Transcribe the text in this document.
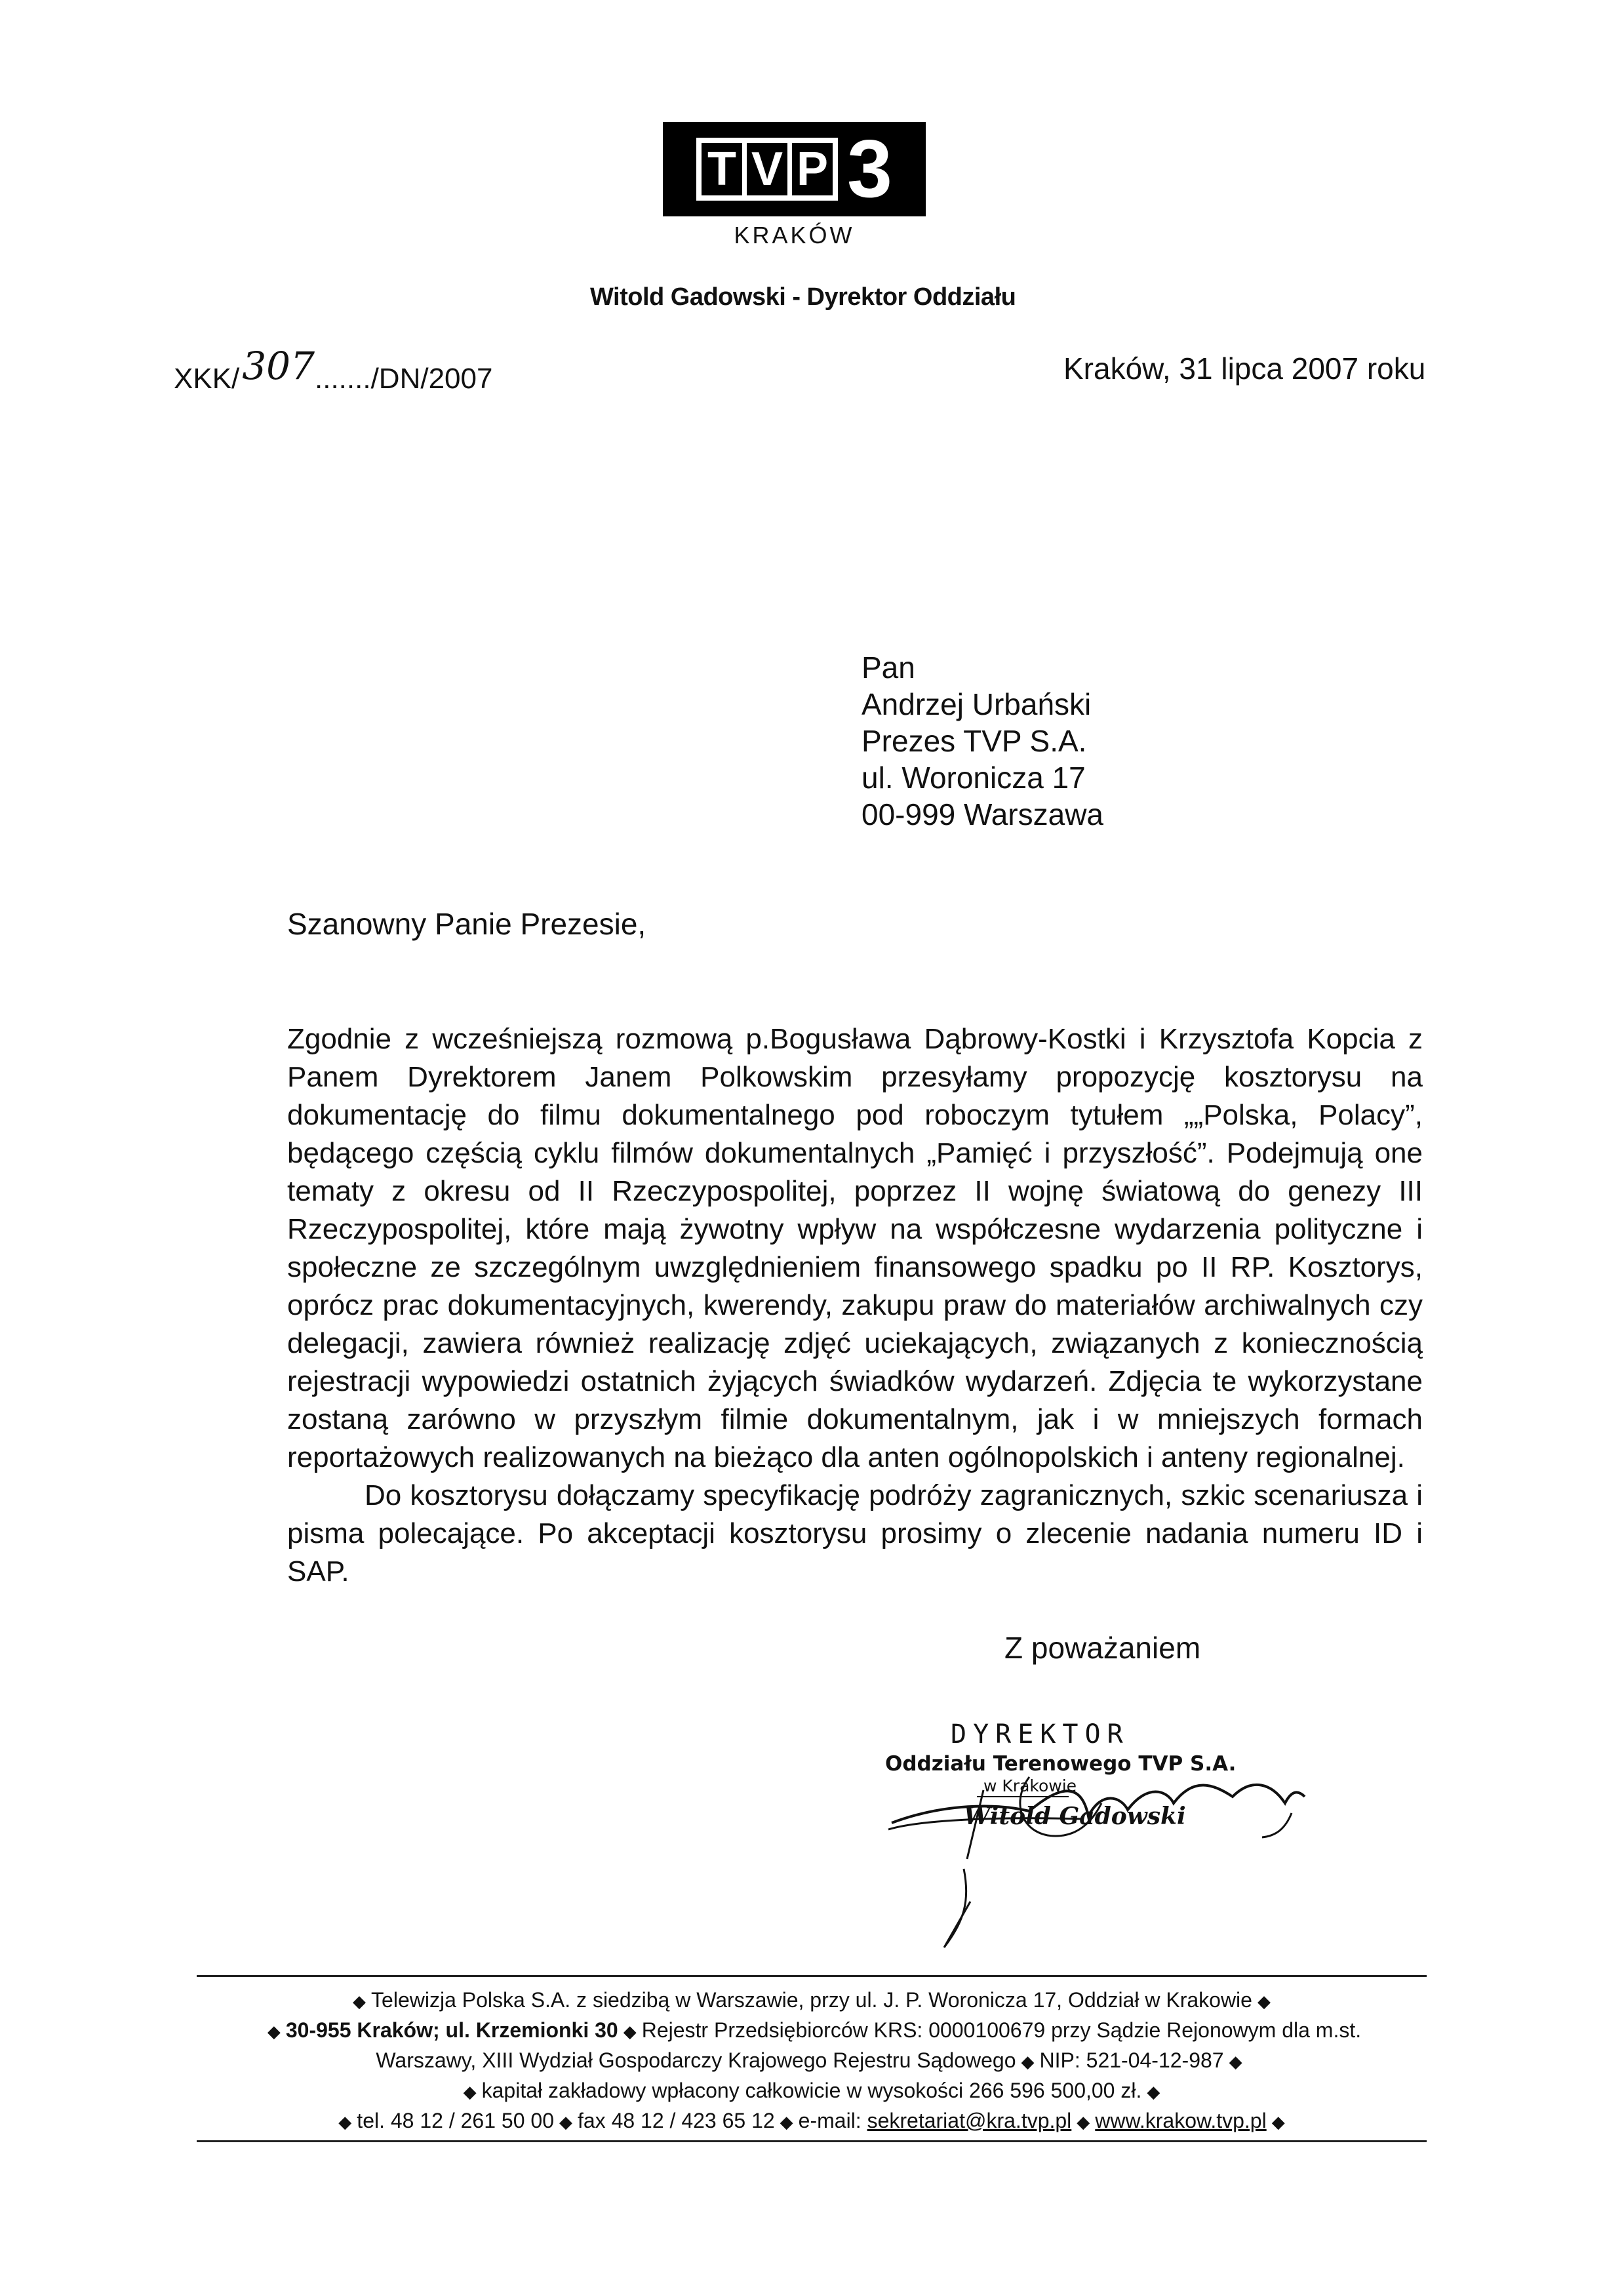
T V P 3
KRAKÓW
Witold Gadowski - Dyrektor Oddziału
XKK/307......./DN/2007	Kraków, 31 lipca 2007 roku
Pan
Andrzej Urbański
Prezes TVP S.A.
ul. Woronicza 17
00-999 Warszawa
Szanowny Panie Prezesie,

Zgodnie z wcześniejszą rozmową p.Bogusława Dąbrowy-Kostki i Krzysztofa Kopcia z Panem Dyrektorem Janem Polkowskim przesyłamy propozycję kosztorysu na dokumentację do filmu dokumentalnego pod roboczym tytułem „„Polska, Polacy”, będącego częścią cyklu filmów dokumentalnych „Pamięć i przyszłość”. Podejmują one tematy z okresu od II Rzeczypospolitej, poprzez II wojnę światową do genezy III Rzeczypospolitej, które mają żywotny wpływ na współczesne wydarzenia polityczne i społeczne ze szczególnym uwzględnieniem finansowego spadku po II RP. Kosztorys, oprócz prac dokumentacyjnych, kwerendy, zakupu praw do materiałów archiwalnych czy delegacji, zawiera również realizację zdjęć uciekających, związanych z koniecznością rejestracji wypowiedzi ostatnich żyjących świadków wydarzeń. Zdjęcia te wykorzystane zostaną zarówno w przyszłym filmie dokumentalnym, jak i w mniejszych formach reportażowych realizowanych na bieżąco dla anten ogólnopolskich i anteny regionalnej.

Do kosztorysu dołączamy specyfikację podróży zagranicznych, szkic scenariusza i pisma polecające. Po akceptacji kosztorysu prosimy o zlecenie nadania numeru ID i SAP.

Z poważaniem
DYREKTOR
Oddziału Terenowego TVP S.A.
w Krakowie
Witold Gadowski
◆ Telewizja Polska S.A. z siedzibą w Warszawie, przy ul. J. P. Woronicza 17, Oddział w Krakowie ◆
◆ 30-955 Kraków; ul. Krzemionki 30 ◆ Rejestr Przedsiębiorców KRS: 0000100679 przy Sądzie Rejonowym dla m.st.
Warszawy, XIII Wydział Gospodarczy Krajowego Rejestru Sądowego ◆ NIP: 521-04-12-987 ◆
◆ kapitał zakładowy wpłacony całkowicie w wysokości 266 596 500,00 zł. ◆
◆ tel. 48 12 / 261 50 00 ◆ fax 48 12 / 423 65 12 ◆ e-mail: sekretariat@kra.tvp.pl ◆ www.krakow.tvp.pl ◆
